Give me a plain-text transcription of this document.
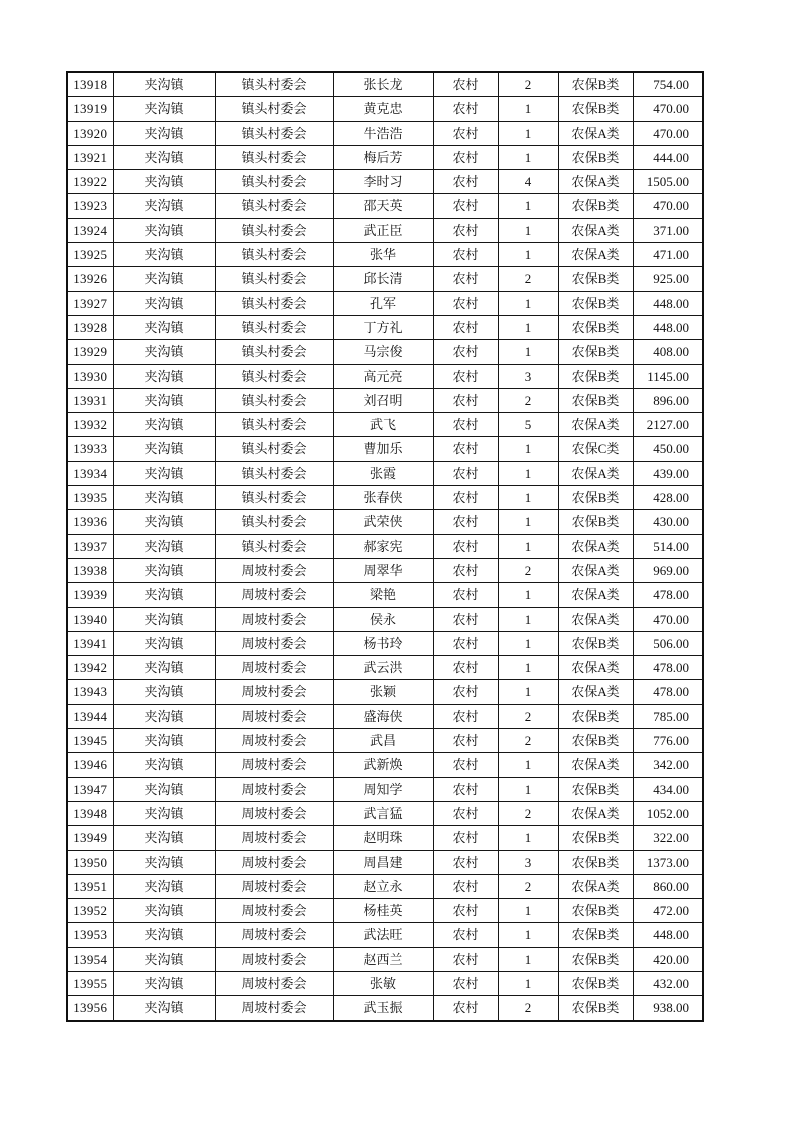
13918	夹沟镇	镇头村委会	张长龙	农村	2	农保B类	754.00
13919	夹沟镇	镇头村委会	黄克忠	农村	1	农保B类	470.00
13920	夹沟镇	镇头村委会	牛浩浩	农村	1	农保A类	470.00
13921	夹沟镇	镇头村委会	梅后芳	农村	1	农保B类	444.00
13922	夹沟镇	镇头村委会	李时习	农村	4	农保A类	1505.00
13923	夹沟镇	镇头村委会	邵天英	农村	1	农保B类	470.00
13924	夹沟镇	镇头村委会	武正臣	农村	1	农保A类	371.00
13925	夹沟镇	镇头村委会	张华	农村	1	农保A类	471.00
13926	夹沟镇	镇头村委会	邱长清	农村	2	农保B类	925.00
13927	夹沟镇	镇头村委会	孔军	农村	1	农保B类	448.00
13928	夹沟镇	镇头村委会	丁方礼	农村	1	农保B类	448.00
13929	夹沟镇	镇头村委会	马宗俊	农村	1	农保B类	408.00
13930	夹沟镇	镇头村委会	高元亮	农村	3	农保B类	1145.00
13931	夹沟镇	镇头村委会	刘召明	农村	2	农保B类	896.00
13932	夹沟镇	镇头村委会	武飞	农村	5	农保A类	2127.00
13933	夹沟镇	镇头村委会	曹加乐	农村	1	农保C类	450.00
13934	夹沟镇	镇头村委会	张霞	农村	1	农保A类	439.00
13935	夹沟镇	镇头村委会	张春侠	农村	1	农保B类	428.00
13936	夹沟镇	镇头村委会	武荣侠	农村	1	农保B类	430.00
13937	夹沟镇	镇头村委会	郝家宪	农村	1	农保A类	514.00
13938	夹沟镇	周坡村委会	周翠华	农村	2	农保A类	969.00
13939	夹沟镇	周坡村委会	梁艳	农村	1	农保A类	478.00
13940	夹沟镇	周坡村委会	侯永	农村	1	农保A类	470.00
13941	夹沟镇	周坡村委会	杨书玲	农村	1	农保B类	506.00
13942	夹沟镇	周坡村委会	武云洪	农村	1	农保A类	478.00
13943	夹沟镇	周坡村委会	张颖	农村	1	农保A类	478.00
13944	夹沟镇	周坡村委会	盛海侠	农村	2	农保B类	785.00
13945	夹沟镇	周坡村委会	武昌	农村	2	农保B类	776.00
13946	夹沟镇	周坡村委会	武新焕	农村	1	农保A类	342.00
13947	夹沟镇	周坡村委会	周知学	农村	1	农保B类	434.00
13948	夹沟镇	周坡村委会	武言猛	农村	2	农保A类	1052.00
13949	夹沟镇	周坡村委会	赵明珠	农村	1	农保B类	322.00
13950	夹沟镇	周坡村委会	周昌建	农村	3	农保B类	1373.00
13951	夹沟镇	周坡村委会	赵立永	农村	2	农保A类	860.00
13952	夹沟镇	周坡村委会	杨桂英	农村	1	农保B类	472.00
13953	夹沟镇	周坡村委会	武法旺	农村	1	农保B类	448.00
13954	夹沟镇	周坡村委会	赵西兰	农村	1	农保B类	420.00
13955	夹沟镇	周坡村委会	张敏	农村	1	农保B类	432.00
13956	夹沟镇	周坡村委会	武玉振	农村	2	农保B类	938.00
